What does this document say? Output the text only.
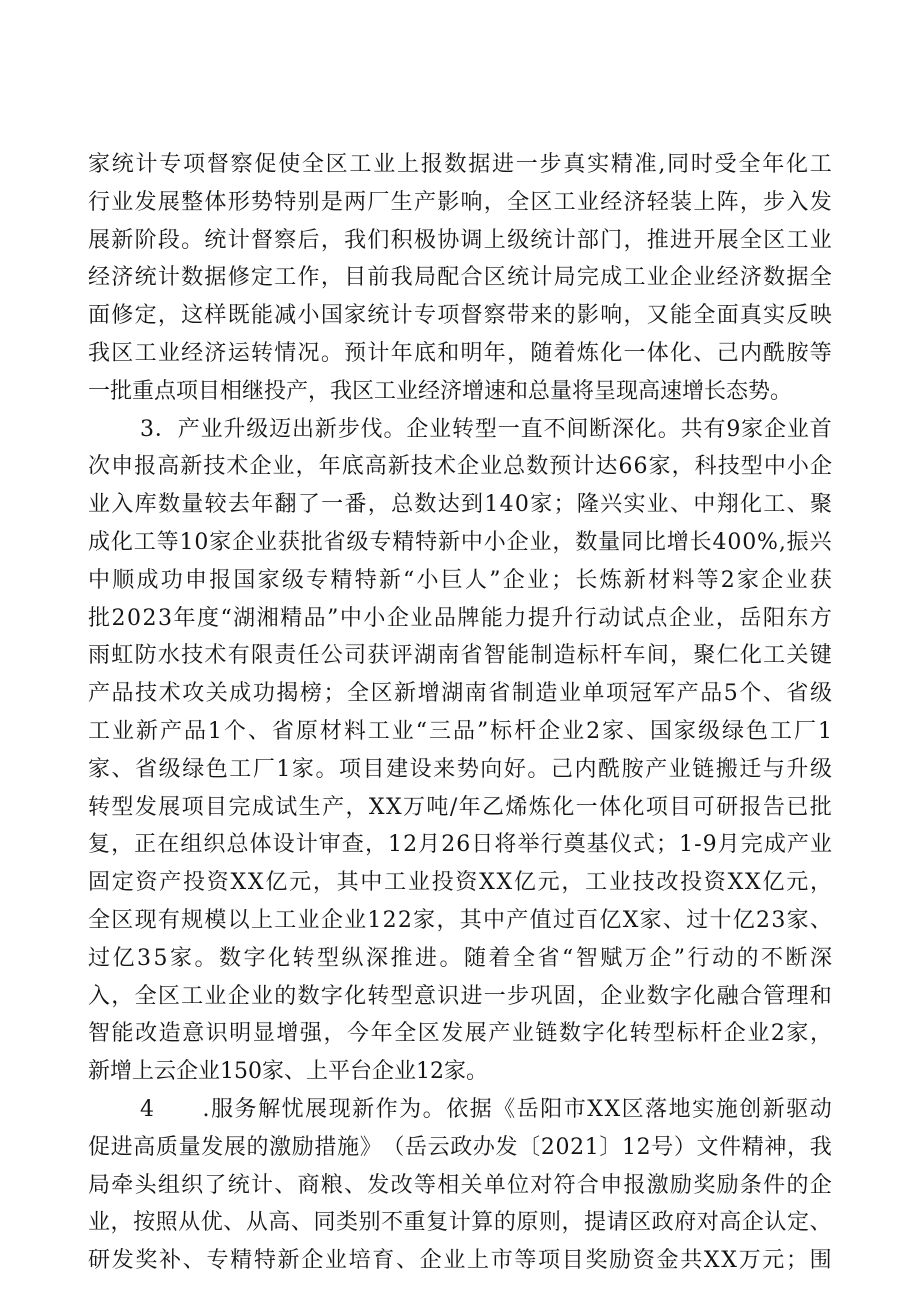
家 统 计 专 项 督 察 促 使 全 区 工 业 上 报 数 据 进 一 步 真 实 精 准 , 同 时 受 全 年 化 工
行 业 发 展 整 体 形 势 特 别 是 两 厂 生 产 影 响 ， 全 区 工 业 经 济 轻 装 上 阵 ， 步 入 发
展 新 阶 段 。 统 计 督 察 后 ， 我 们 积 极 协 调 上 级 统 计 部 门 ， 推 进 开 展 全 区 工 业
经 济 统 计 数 据 修 定 工 作 ， 目 前 我 局 配 合 区 统 计 局 完 成 工 业 企 业 经 济 数 据 全
面 修 定 ， 这 样 既 能 减 小 国 家 统 计 专 项 督 察 带 来 的 影 响 ， 又 能 全 面 真 实 反 映
我 区 工 业 经 济 运 转 情 况 。 预 计 年 底 和 明 年 ， 随 着 炼 化 一 体 化 、 己 内 酰 胺 等
一批重点项目相继投产，我区工业经济增速和总量将呈现高速增长态势。
3 ． 产 业 升 级 迈 出 新 步 伐 。 企 业 转 型 一 直 不 间 断 深 化 。 共 有 9 家 企 业 首
次 申 报 高 新 技 术 企 业 ， 年 底 高 新 技 术 企 业 总 数 预 计 达 6 6 家 ， 科 技 型 中 小 企
业 入 库 数 量 较 去 年 翻 了 一 番 ， 总 数 达 到 1 4 0 家 ； 隆 兴 实 业 、 中 翔 化 工 、 聚
成 化 工 等 1 0 家 企 业 获 批 省 级 专 精 特 新 中 小 企 业 ， 数 量 同 比 增 长 4 0 0 % , 振 兴
中 顺 成 功 申 报 国 家 级 专 精 特 新 “ 小 巨 人 ” 企 业 ； 长 炼 新 材 料 等 2 家 企 业 获
批 2 0 2 3 年 度 “ 湖 湘 精 品 ” 中 小 企 业 品 牌 能 力 提 升 行 动 试 点 企 业 ， 岳 阳 东 方
雨 虹 防 水 技 术 有 限 责 任 公 司 获 评 湖 南 省 智 能 制 造 标 杆 车 间 ， 聚 仁 化 工 关 键
产 品 技 术 攻 关 成 功 揭 榜 ； 全 区 新 增 湖 南 省 制 造 业 单 项 冠 军 产 品 5 个 、 省 级
工 业 新 产 品 1 个 、 省 原 材 料 工 业 “ 三 品 ” 标 杆 企 业 2 家 、 国 家 级 绿 色 工 厂 1
家 、 省 级 绿 色 工 厂 1 家 。 项 目 建 设 来 势 向 好 。 己 内 酰 胺 产 业 链 搬 迁 与 升 级
转 型 发 展 项 目 完 成 试 生 产 ， X X 万 吨 / 年 乙 烯 炼 化 一 体 化 项 目 可 研 报 告 已 批
复 ， 正 在 组 织 总 体 设 计 审 查 ， 1 2 月 2 6 日 将 举 行 奠 基 仪 式 ； 1 - 9 月 完 成 产 业
固 定 资 产 投 资 X X 亿 元 ， 其 中 工 业 投 资 X X 亿 元 ， 工 业 技 改 投 资 X X 亿 元 ，
全 区 现 有 规 模 以 上 工 业 企 业 1 2 2 家 ， 其 中 产 值 过 百 亿 X 家 、 过 十 亿 2 3 家 、
过 亿 3 5 家 。 数 字 化 转 型 纵 深 推 进 。 随 着 全 省 “ 智 赋 万 企 ” 行 动 的 不 断 深
入 ， 全 区 工 业 企 业 的 数 字 化 转 型 意 识 进 一 步 巩 固 ， 企 业 数 字 化 融 合 管 理 和
智 能 改 造 意 识 明 显 增 强 ， 今 年 全 区 发 展 产 业 链 数 字 化 转 型 标 杆 企 业 2 家 ，
新增上云企业150家、上平台企业12家。
4

　 . 服 务 解 忧 展 现 新 作 为 。 依 据 《 岳 阳 市 X X 区 落 地 实 施 创 新 驱 动
促 进 高 质 量 发 展 的 激 励 措 施 》 （ 岳 云 政 办 发 〔 2 0 2 1 〕 1 2 号 ） 文 件 精 神 ， 我
局 牵 头 组 织 了 统 计 、 商 粮 、 发 改 等 相 关 单 位 对 符 合 申 报 激 励 奖 励 条 件 的 企
业 ， 按 照 从 优 、 从 高 、 同 类 别 不 重 复 计 算 的 原 则 ， 提 请 区 政 府 对 高 企 认 定 、
研 发 奖 补 、 专 精 特 新 企 业 培 育 、 企 业 上 市 等 项 目 奖 励 资 金 共 X X 万 元 ； 围
